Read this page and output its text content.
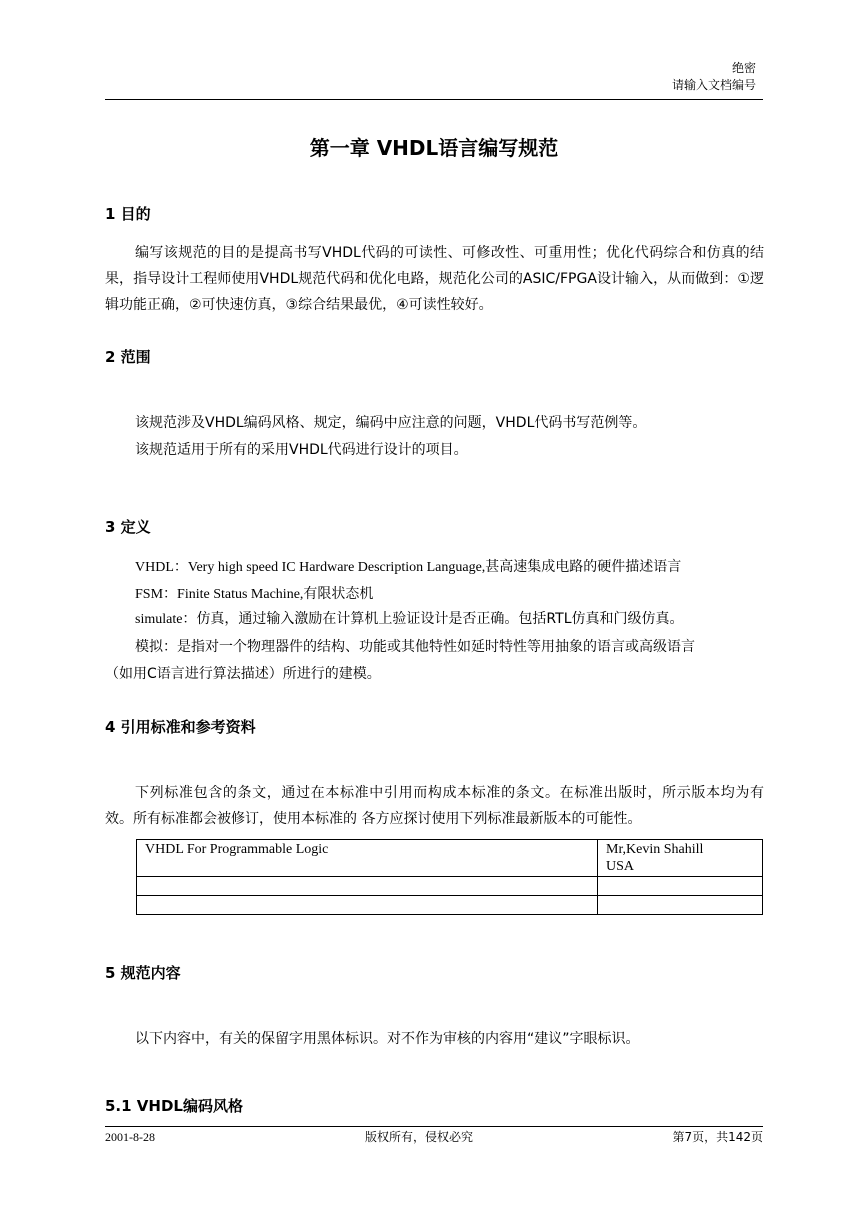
绝密
请输入文档编号
第一章 VHDL语言编写规范
1 目的
编写该规范的目的是提高书写VHDL代码的可读性、可修改性、可重用性；优化代码综合和仿真的结果，指导设计工程师使用VHDL规范代码和优化电路，规范化公司的ASIC/FPGA设计输入，从而做到：①逻辑功能正确，②可快速仿真，③综合结果最优，④可读性较好。
2 范围
该规范涉及VHDL编码风格、规定，编码中应注意的问题，VHDL代码书写范例等。
该规范适用于所有的采用VHDL代码进行设计的项目。
3 定义
VHDL：Very high speed IC Hardware Description Language,甚高速集成电路的硬件描述语言
FSM：Finite Status Machine,有限状态机
simulate：仿真，通过输入激励在计算机上验证设计是否正确。包括RTL仿真和门级仿真。
模拟：是指对一个物理器件的结构、功能或其他特性如延时特性等用抽象的语言或高级语言
（如用C语言进行算法描述）所进行的建模。
4 引用标准和参考资料
下列标准包含的条文，通过在本标准中引用而构成本标准的条文。在标准出版时，所示版本均为有效。所有标准都会被修订，使用本标准的 各方应探讨使用下列标准最新版本的可能性。
VHDL For Programmable Logic	Mr,Kevin Shahill
USA

5 规范内容
以下内容中，有关的保留字用黑体标识。对不作为审核的内容用“建议”字眼标识。
5.1 VHDL编码风格
2001-8-28	版权所有，侵权必究	第7页，共142页
